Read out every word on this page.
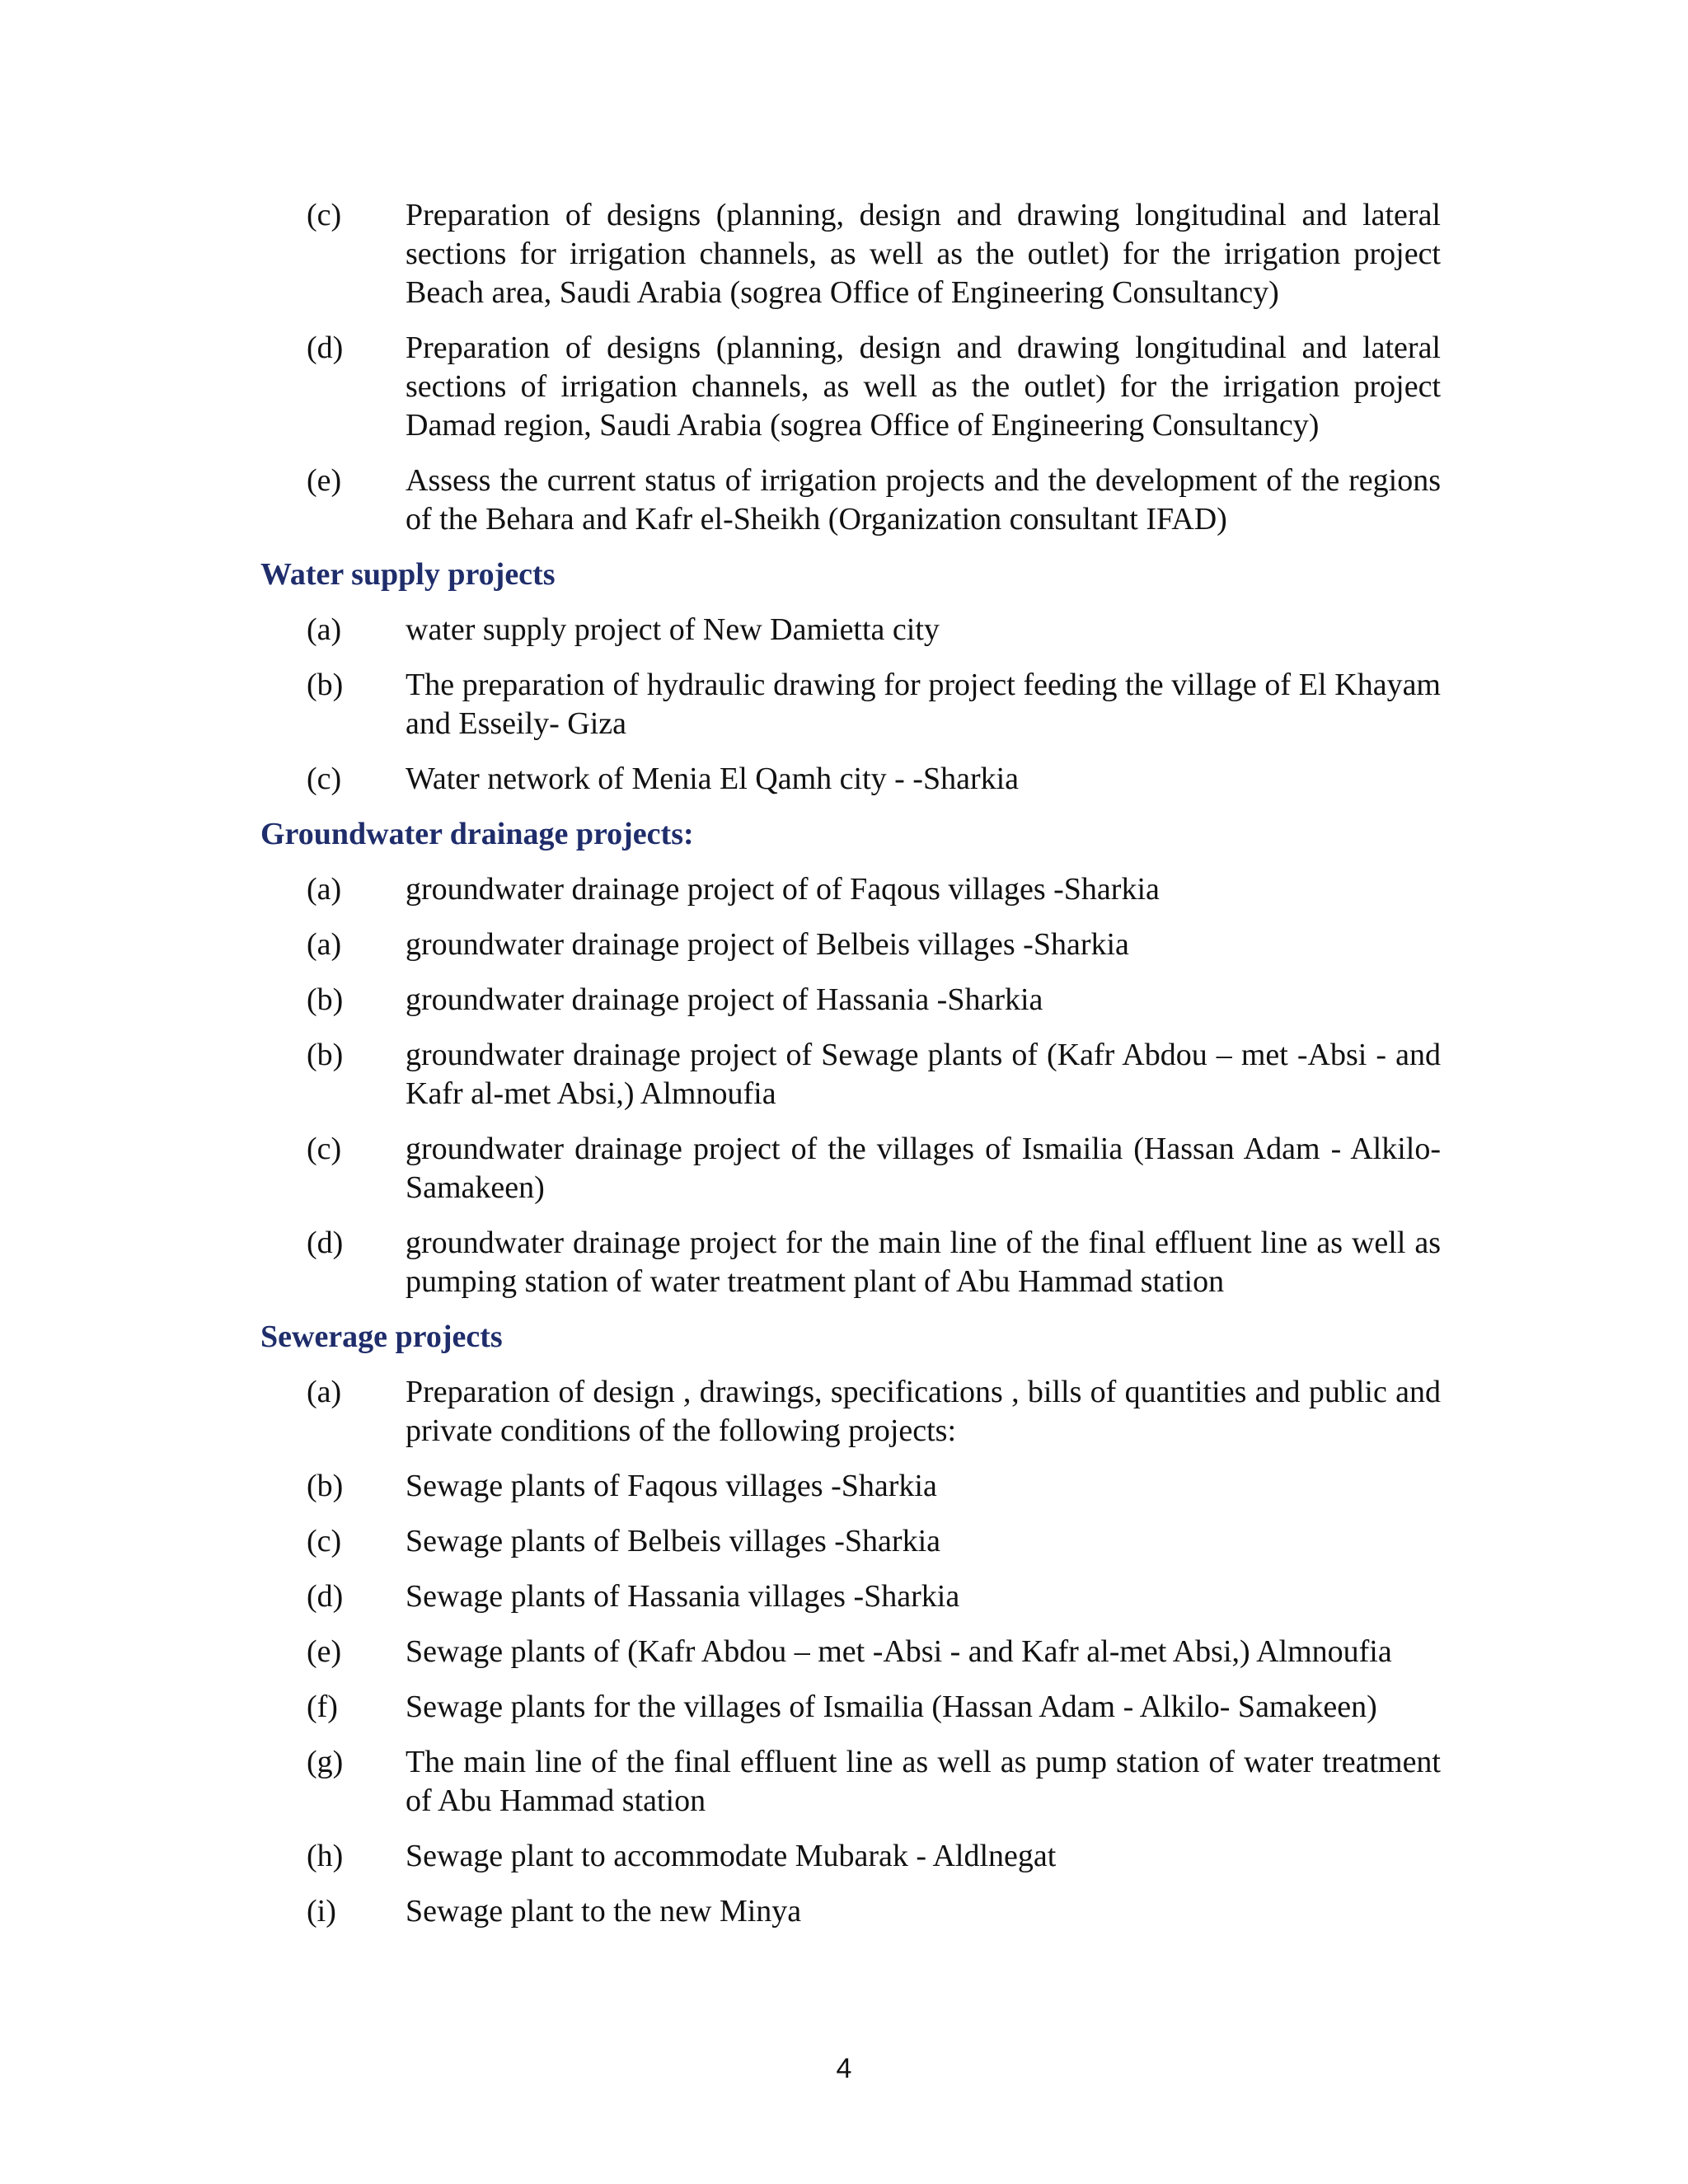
(c)	Preparation of designs (planning, design and drawing longitudinal and lateral sections for irrigation channels, as well as the outlet) for the irrigation project Beach area, Saudi Arabia (sogrea Office of Engineering Consultancy)
(d)	Preparation of designs (planning, design and drawing longitudinal and lateral sections of irrigation channels, as well as the outlet) for the irrigation project Damad region, Saudi Arabia (sogrea Office of Engineering Consultancy)
(e)	Assess the current status of irrigation projects and the development of the regions of the Behara and Kafr el-Sheikh (Organization consultant IFAD)
Water supply projects
(a)	water supply project of New Damietta city
(b)	The preparation of hydraulic drawing for project feeding the village of El Khayam and Esseily- Giza
(c)	Water network of Menia El Qamh city - -Sharkia
Groundwater drainage projects:
(a)	groundwater drainage project of of Faqous villages -Sharkia
(a)	groundwater drainage project of Belbeis villages -Sharkia
(b)	groundwater drainage project of Hassania -Sharkia
(b)	groundwater drainage project of Sewage plants of (Kafr Abdou – met -Absi - and Kafr al-met Absi,) Almnoufia
(c)	groundwater drainage project of the villages of Ismailia (Hassan Adam - Alkilo- Samakeen)
(d)	groundwater drainage project for the main line of the final effluent line as well as pumping station of water treatment plant of Abu Hammad station
Sewerage projects
(a)	Preparation of design , drawings, specifications , bills of quantities and public and private conditions of the following projects:
(b)	Sewage plants of Faqous villages -Sharkia
(c)	Sewage plants of Belbeis villages -Sharkia
(d)	Sewage plants of Hassania villages -Sharkia
(e)	Sewage plants of (Kafr Abdou – met -Absi - and Kafr al-met Absi,) Almnoufia
(f)	Sewage plants for the villages of Ismailia (Hassan Adam - Alkilo- Samakeen)
(g)	The main line of the final effluent line as well as pump station of water treatment of Abu Hammad station
(h)	Sewage plant to accommodate Mubarak - Aldlnegat
(i)	Sewage plant to the new Minya
4
